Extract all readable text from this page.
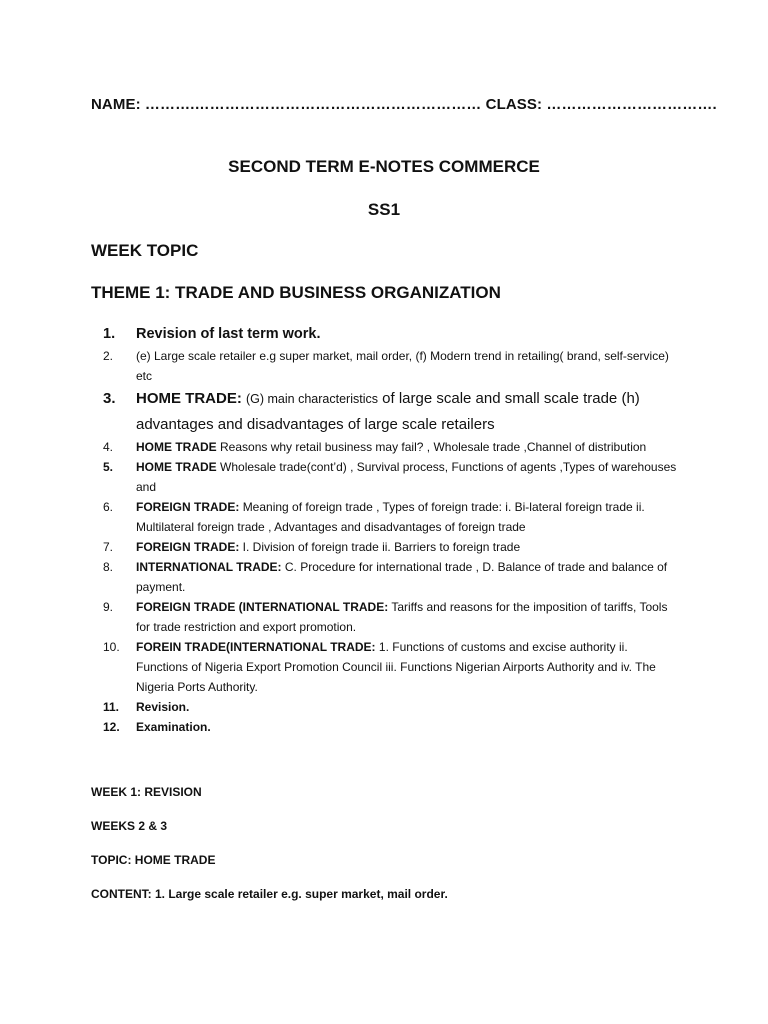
NAME: ……….………………………………………………… CLASS: …………………………….
SECOND TERM E-NOTES COMMERCE
SS1
WEEK TOPIC
THEME 1: TRADE AND BUSINESS ORGANIZATION
1.	Revision of last term work.
2.	(e) Large scale retailer e.g super market, mail order, (f) Modern trend in retailing( brand, self-service) etc
3.	HOME TRADE: (G) main characteristics of large scale and small scale trade (h) advantages and disadvantages of large scale retailers
4.	HOME TRADE Reasons why retail business may fail? , Wholesale trade ,Channel of distribution
5.	HOME TRADE Wholesale trade(cont’d) , Survival process, Functions of agents ,Types of warehouses and
6.	FOREIGN TRADE: Meaning of foreign trade , Types of foreign trade: i. Bi-lateral foreign trade ii. Multilateral foreign trade , Advantages and disadvantages of foreign trade
7.	FOREIGN TRADE: I. Division of foreign trade ii. Barriers to foreign trade
8.	INTERNATIONAL TRADE: C. Procedure for international trade , D. Balance of trade and balance of payment.
9.	FOREIGN TRADE (INTERNATIONAL TRADE: Tariffs and reasons for the imposition of tariffs, Tools for trade restriction and export promotion.
10.	FOREIN TRADE(INTERNATIONAL TRADE: 1. Functions of customs and excise authority ii. Functions of Nigeria Export Promotion Council iii. Functions Nigerian Airports Authority and iv. The Nigeria Ports Authority.
11.	Revision.
12.	Examination.
WEEK 1: REVISION
WEEKS 2 & 3
TOPIC: HOME TRADE
CONTENT: 1. Large scale retailer e.g. super market, mail order.
